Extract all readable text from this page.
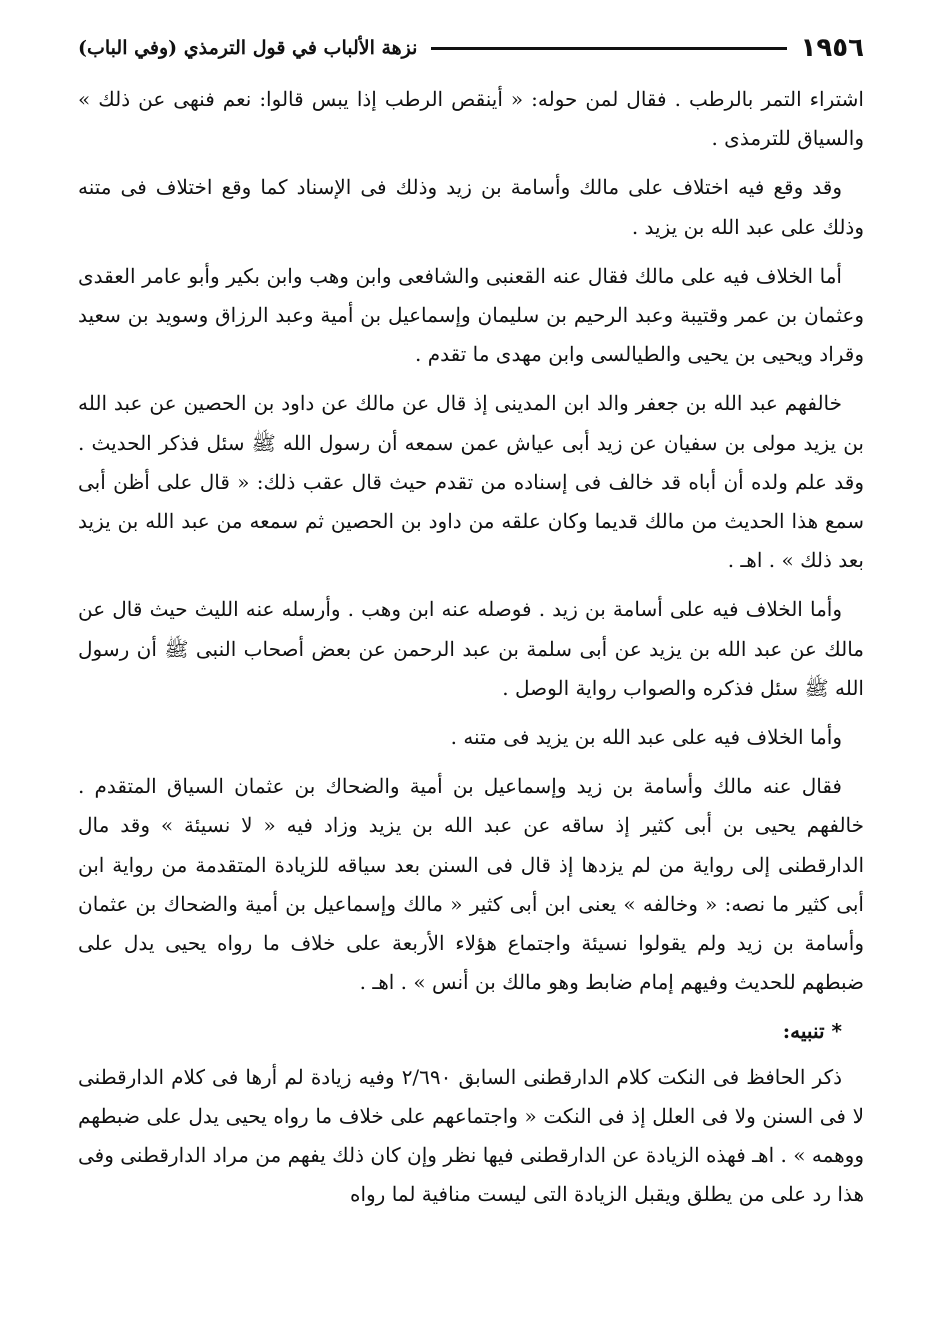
١٩٥٦
نزهة الألباب في قول الترمذي (وفي الباب)

اشتراء التمر بالرطب . فقال لمن حوله: « أينقص الرطب إذا يبس قالوا: نعم فنهى عن ذلك » والسياق للترمذى .

وقد وقع فيه اختلاف على مالك وأسامة بن زيد وذلك فى الإسناد كما وقع اختلاف فى متنه وذلك على عبد الله بن يزيد .

أما الخلاف فيه على مالك فقال عنه القعنبى والشافعى وابن وهب وابن بكير وأبو عامر العقدى وعثمان بن عمر وقتيبة وعبد الرحيم بن سليمان وإسماعيل بن أمية وعبد الرزاق وسويد بن سعيد وقراد ويحيى بن يحيى والطيالسى وابن مهدى ما تقدم .

خالفهم عبد الله بن جعفر والد ابن المدينى إذ قال عن مالك عن داود بن الحصين عن عبد الله بن يزيد مولى بن سفيان عن زيد أبى عياش عمن سمعه أن رسول الله ﷺ سئل فذكر الحديث . وقد علم ولده أن أباه قد خالف فى إسناده من تقدم حيث قال عقب ذلك: « قال على أظن أبى سمع هذا الحديث من مالك قديما وكان علقه من داود بن الحصين ثم سمعه من عبد الله بن يزيد بعد ذلك » . اهـ .

وأما الخلاف فيه على أسامة بن زيد . فوصله عنه ابن وهب . وأرسله عنه الليث حيث قال عن مالك عن عبد الله بن يزيد عن أبى سلمة بن عبد الرحمن عن بعض أصحاب النبى ﷺ أن رسول الله ﷺ سئل فذكره والصواب رواية الوصل .

وأما الخلاف فيه على عبد الله بن يزيد فى متنه .

فقال عنه مالك وأسامة بن زيد وإسماعيل بن أمية والضحاك بن عثمان السياق المتقدم . خالفهم يحيى بن أبى كثير إذ ساقه عن عبد الله بن يزيد وزاد فيه « لا نسيئة » وقد مال الدارقطنى إلى رواية من لم يزدها إذ قال فى السنن بعد سياقه للزيادة المتقدمة من رواية ابن أبى كثير ما نصه: « وخالفه » يعنى ابن أبى كثير « مالك وإسماعيل بن أمية والضحاك بن عثمان وأسامة بن زيد ولم يقولوا نسيئة واجتماع هؤلاء الأربعة على خلاف ما رواه يحيى يدل على ضبطهم للحديث وفيهم إمام ضابط وهو مالك بن أنس » . اهـ .

* تنبيه:

ذكر الحافظ فى النكت كلام الدارقطنى السابق ٢/٦٩٠ وفيه زيادة لم أرها فى كلام الدارقطنى لا فى السنن ولا فى العلل إذ فى النكت « واجتماعهم على خلاف ما رواه يحيى يدل على ضبطهم ووهمه » . اهـ فهذه الزيادة عن الدارقطنى فيها نظر وإن كان ذلك يفهم من مراد الدارقطنى وفى هذا رد على من يطلق ويقبل الزيادة التى ليست منافية لما رواه
